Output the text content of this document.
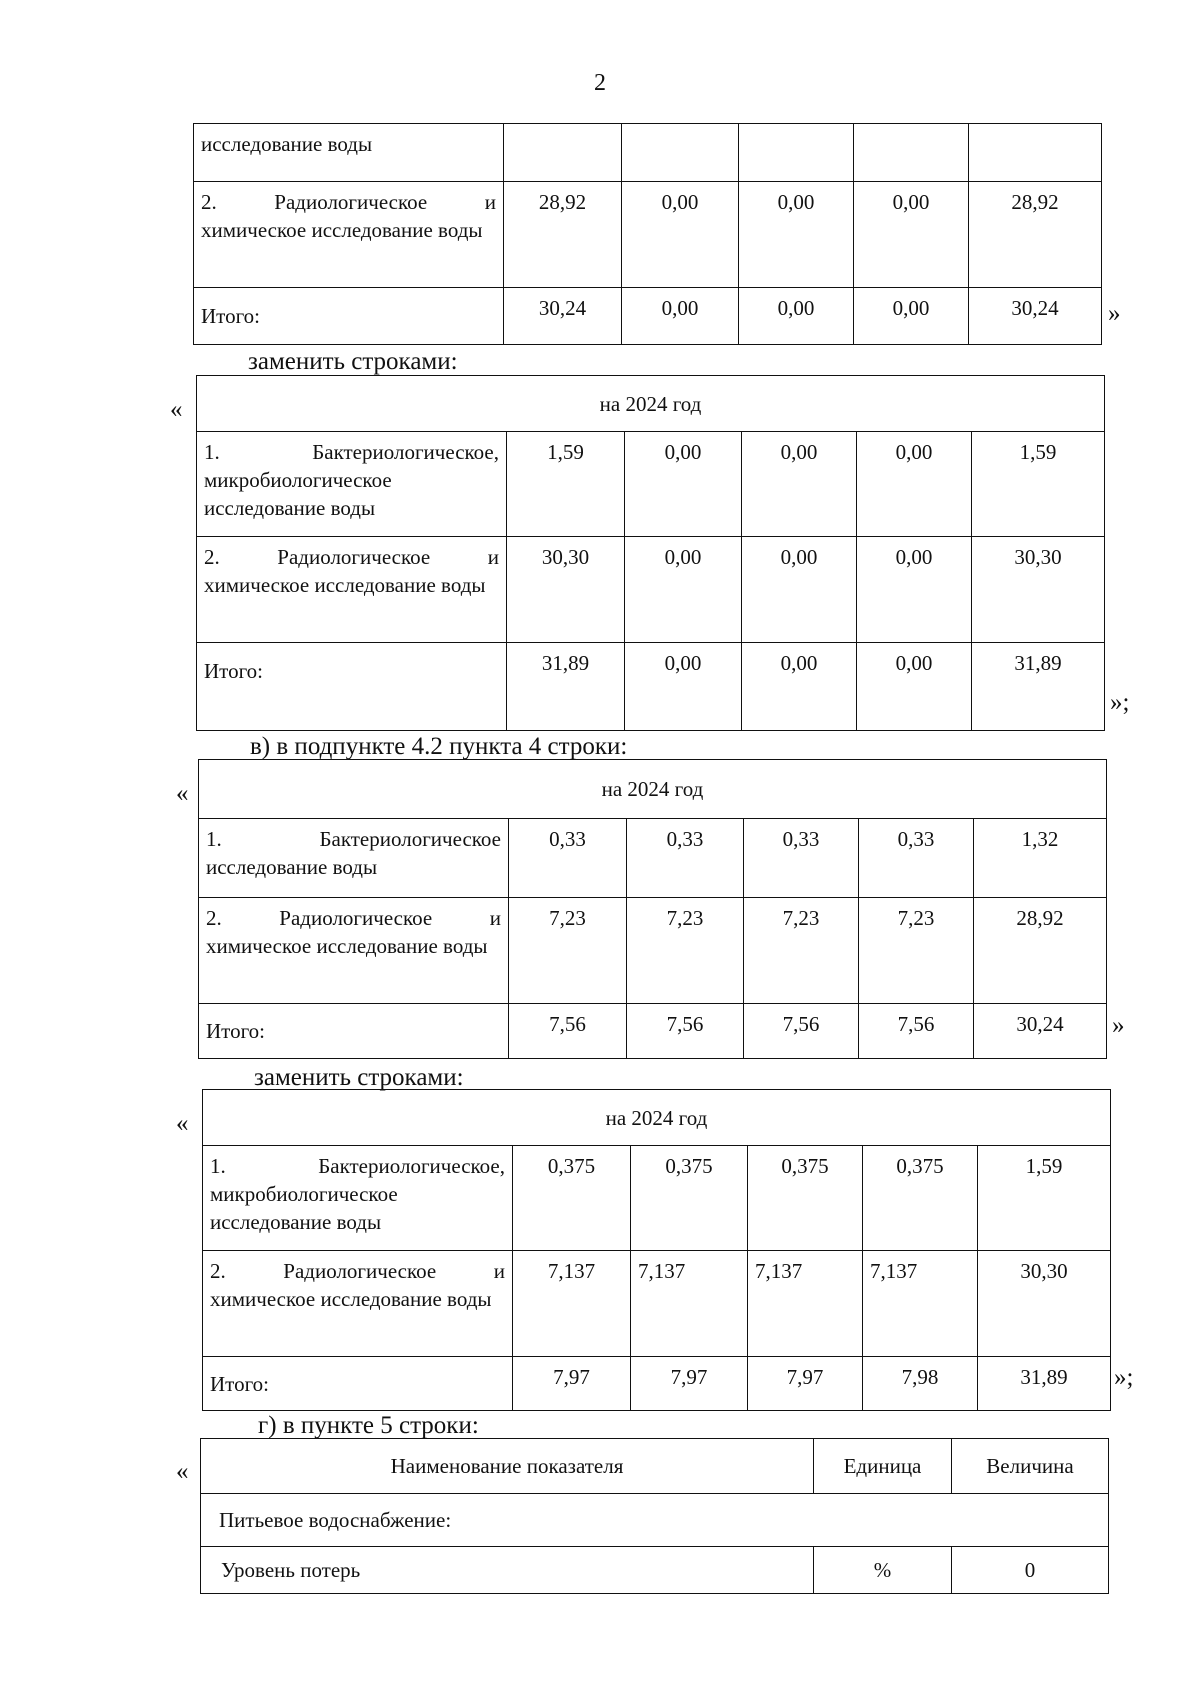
2
исследование воды					
2. Радиологическое и химическое исследование воды	28,92	0,00	0,00	0,00	28,92
Итого:	30,24	0,00	0,00	0,00	30,24 »
заменить строками:
«	на 2024 год					
1. Бактериологическое, микробиологическое исследование воды	1,59	0,00	0,00	0,00	1,59
2. Радиологическое и химическое исследование воды	30,30	0,00	0,00	0,00	30,30
Итого:	31,89	0,00	0,00	0,00	31,89
»;
в) в подпункте 4.2 пункта 4 строки:
«	на 2024 год					
1. Бактериологическое исследование воды	0,33	0,33	0,33	0,33	1,32
2. Радиологическое и химическое исследование воды	7,23	7,23	7,23	7,23	28,92
Итого:	7,56	7,56	7,56	7,56	30,24 »
заменить строками:
«	на 2024 год					
1. Бактериологическое, микробиологическое исследование воды	0,375	0,375	0,375	0,375	1,59
2. Радиологическое и химическое исследование воды	7,137	7,137	7,137	7,137	30,30
Итого:	7,97	7,97	7,97	7,98	31,89 »;
г) в пункте 5 строки:
«	Наименование показателя	Единица	Величина
Питьевое водоснабжение:		
Уровень потерь	%	0
